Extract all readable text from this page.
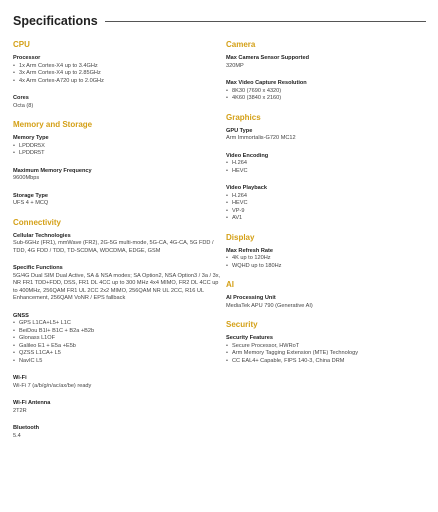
Specifications
CPU
Processor
• 1x Arm Cortex-X4 up to 3.4GHz
• 3x Arm Cortex-X4 up to 2.85GHz
• 4x Arm Cortex-A720 up to 2.0GHz
Cores
Octa (8)
Memory and Storage
Memory Type
• LPDDR5X
• LPDDR5T
Maximum Memory Frequency
9600Mbps
Storage Type
UFS 4 + MCQ
Connectivity
Cellular Technologies
Sub-6GHz (FR1), mmWave (FR2), 2G-5G multi-mode, 5G-CA, 4G-CA, 5G FDD / TDD, 4G FDD / TDD, TD-SCDMA, WDCDMA, EDGE, GSM
Specific Functions
5G/4G Dual SIM Dual Active, SA & NSA modes; SA Option2, NSA Option3 / 3a / 3x, NR FR1 TDD+FDD, DSS, FR1 DL 4CC up to 300 MHz 4x4 MIMO, FR2 DL 4CC up to 400MHz, 256QAM FR1 UL 2CC 2x2 MIMO, 256QAM NR UL 2CC, R16 UL Enhancement, 256QAM VoNR / EPS fallback
GNSS
• GPS L1CA+L5+ L1C
• BeiDou B1I+ B1C + B2a +B2b
• Glonass L1OF
• Galileo E1 + E5a +E5b
• QZSS L1CA+ L5
• NavIC L5
Wi-Fi
Wi-Fi 7 (a/b/g/n/ac/ax/be) ready
Wi-Fi Antenna
2T2R
Bluetooth
5.4
Camera
Max Camera Sensor Supported
320MP
Max Video Capture Resolution
• 8K30 (7690 x 4320)
• 4K60 (3840 x 2160)
Graphics
GPU Type
Arm Immortalis-G720 MC12
Video Encoding
• H.264
• HEVC
Video Playback
• H.264
• HEVC
• VP-9
• AV1
Display
Max Refresh Rate
• 4K up to 120Hz
• WQHD up to 180Hz
AI
AI Processing Unit
MediaTek APU 790 (Generative AI)
Security
Security Features
• Secure Processor, HWRoT
• Arm Memory Tagging Extension (MTE) Technology
• CC EAL4+ Capable, FIPS 140-3, China DRM
